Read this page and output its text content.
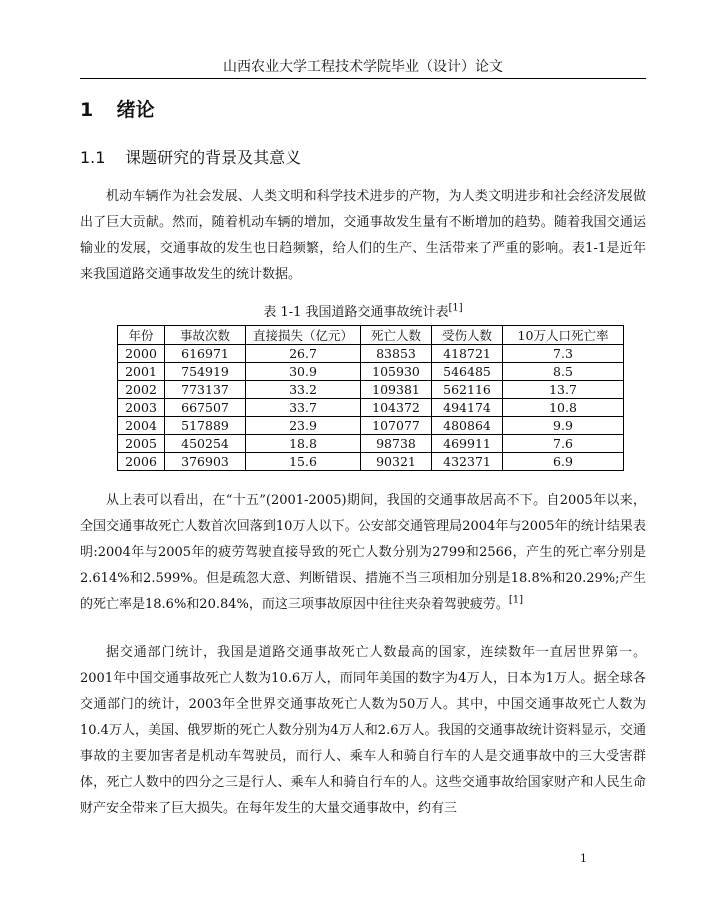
山西农业大学工程技术学院毕业（设计）论文
1 绪论
1.1 课题研究的背景及其意义

机动车辆作为社会发展、人类文明和科学技术进步的产物，为人类文明进步和社会经济发展做出了巨大贡献。然而，随着机动车辆的增加，交通事故发生量有不断增加的趋势。随着我国交通运输业的发展，交通事故的发生也日趋频繁，给人们的生产、生活带来了严重的影响。表1-1是近年来我国道路交通事故发生的统计数据。

表 1-1 我国道路交通事故统计表[1]
年份	事故次数	直接损失（亿元）	死亡人数	受伤人数	10万人口死亡率
2000	616971	26.7	83853	418721	7.3
2001	754919	30.9	105930	546485	8.5
2002	773137	33.2	109381	562116	13.7
2003	667507	33.7	104372	494174	10.8
2004	517889	23.9	107077	480864	9.9
2005	450254	18.8	98738	469911	7.6
2006	376903	15.6	90321	432371	6.9

从上表可以看出，在“十五”(2001-2005)期间，我国的交通事故居高不下。自2005年以来，全国交通事故死亡人数首次回落到10万人以下。公安部交通管理局2004年与2005年的统计结果表明:2004年与2005年的疲劳驾驶直接导致的死亡人数分别为2799和2566，产生的死亡率分别是2.614%和2.599%。但是疏忽大意、判断错误、措施不当三项相加分别是18.8%和20.29%;产生的死亡率是18.6%和20.84%，而这三项事故原因中往往夹杂着驾驶疲劳。[1]

据交通部门统计，我国是道路交通事故死亡人数最高的国家，连续数年一直居世界第一。2001年中国交通事故死亡人数为10.6万人，而同年美国的数字为4万人，日本为1万人。据全球各交通部门的统计，2003年全世界交通事故死亡人数为50万人。其中，中国交通事故死亡人数为10.4万人，美国、俄罗斯的死亡人数分别为4万人和2.6万人。我国的交通事故统计资料显示，交通事故的主要加害者是机动车驾驶员，而行人、乘车人和骑自行车的人是交通事故中的三大受害群体，死亡人数中的四分之三是行人、乘车人和骑自行车的人。这些交通事故给国家财产和人民生命财产安全带来了巨大损失。在每年发生的大量交通事故中，约有三

1
